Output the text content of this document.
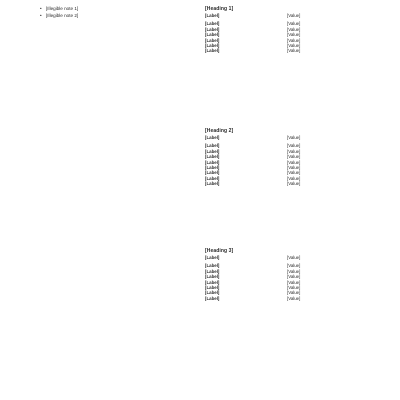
• [Illegible note 1]
• [Illegible note 2]
[Heading 1]
[Label]	[Value]
[Label]	[Value]
[Label]	[Value]
[Label]	[Value]
[Label]	[Value]
[Label]	[Value]
[Label]	[Value]
[Heading 2]
[Label]	[Value]
[Label]	[Value]
[Label]	[Value]
[Label]	[Value]
[Label]	[Value]
[Label]	[Value]
[Label]	[Value]
[Label]	[Value]
[Label]	[Value]
[Heading 3]
[Label]	[Value]
[Label]	[Value]
[Label]	[Value]
[Label]	[Value]
[Label]	[Value]
[Label]	[Value]
[Label]	[Value]
[Label]	[Value]
